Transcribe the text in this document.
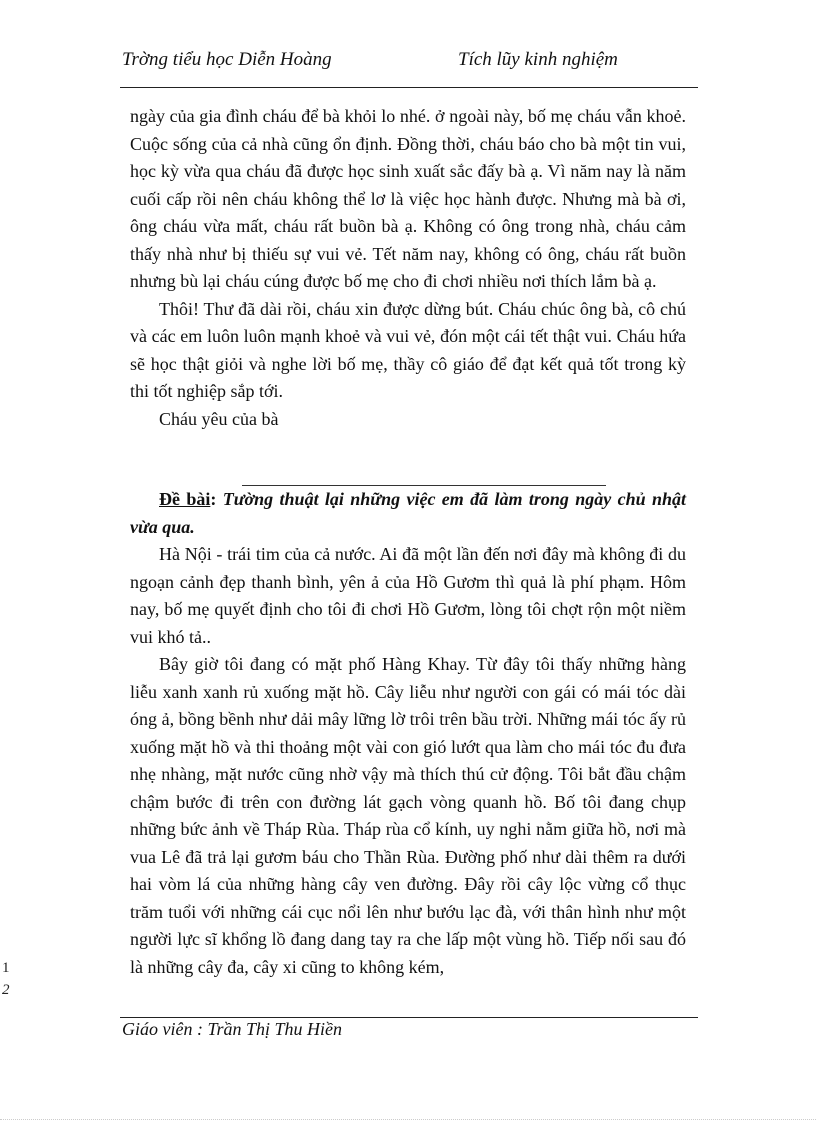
Trờng tiểu học Diễn Hoàng	Tích lũy kinh nghiệm

ngày của gia đình cháu để bà khỏi lo nhé. ở ngoài này, bố mẹ cháu vẫn khoẻ. Cuộc sống của cả nhà cũng ổn định. Đồng thời, cháu báo cho bà một tin vui, học kỳ vừa qua cháu đã được học sinh xuất sắc đấy bà ạ. Vì năm nay là năm cuối cấp rồi nên cháu không thể lơ là việc học hành được. Nhưng mà bà ơi, ông cháu vừa mất, cháu rất buồn bà ạ. Không có ông trong nhà, cháu cảm thấy nhà như bị thiếu sự vui vẻ. Tết năm nay, không có ông, cháu rất buồn nhưng bù lại cháu cúng được bố mẹ cho đi chơi nhiều nơi thích lắm bà ạ.

Thôi! Thư đã dài rồi, cháu xin được dừng bút. Cháu chúc ông bà, cô chú và các em luôn luôn mạnh khoẻ và vui vẻ, đón một cái tết thật vui. Cháu hứa sẽ học thật giỏi và nghe lời bố mẹ, thầy cô giáo để đạt kết quả tốt trong kỳ thi tốt nghiệp sắp tới.

Cháu yêu của bà

Đề bài: Tường thuật lại những việc em đã làm trong ngày chủ nhật vừa qua.

Hà Nội - trái tim của cả nước. Ai đã một lần đến nơi đây mà không đi du ngoạn cảnh đẹp thanh bình, yên ả của Hồ Gươm thì quả là phí phạm. Hôm nay, bố mẹ quyết định cho tôi đi chơi Hồ Gươm, lòng tôi chợt rộn một niềm vui khó tả..

Bây giờ tôi đang có mặt phố Hàng Khay. Từ đây tôi thấy những hàng liễu xanh xanh rủ xuống mặt hồ. Cây liễu như người con gái có mái tóc dài óng ả, bồng bềnh như dải mây lững lờ trôi trên bầu trời. Những mái tóc ấy rủ xuống mặt hồ và thi thoảng một vài con gió lướt qua làm cho mái tóc đu đưa nhẹ nhàng, mặt nước cũng nhờ vậy mà thích thú cử động. Tôi bắt đầu chậm chậm bước đi trên con đường lát gạch vòng quanh hồ. Bố tôi đang chụp những bức ảnh về Tháp Rùa. Tháp rùa cổ kính, uy nghi nằm giữa hồ, nơi mà vua Lê đã trả lại gươm báu cho Thần Rùa. Đường phố như dài thêm ra dưới hai vòm lá của những hàng cây ven đường. Đây rồi cây lộc vừng cổ thục trăm tuổi với những cái cục nổi lên như bướu lạc đà, với thân hình như một người lực sĩ khổng lồ đang dang tay ra che lấp một vùng hồ. Tiếp nối sau đó là những cây đa, cây xi cũng to không kém,

1
2
Giáo viên : Trần Thị Thu Hiền
